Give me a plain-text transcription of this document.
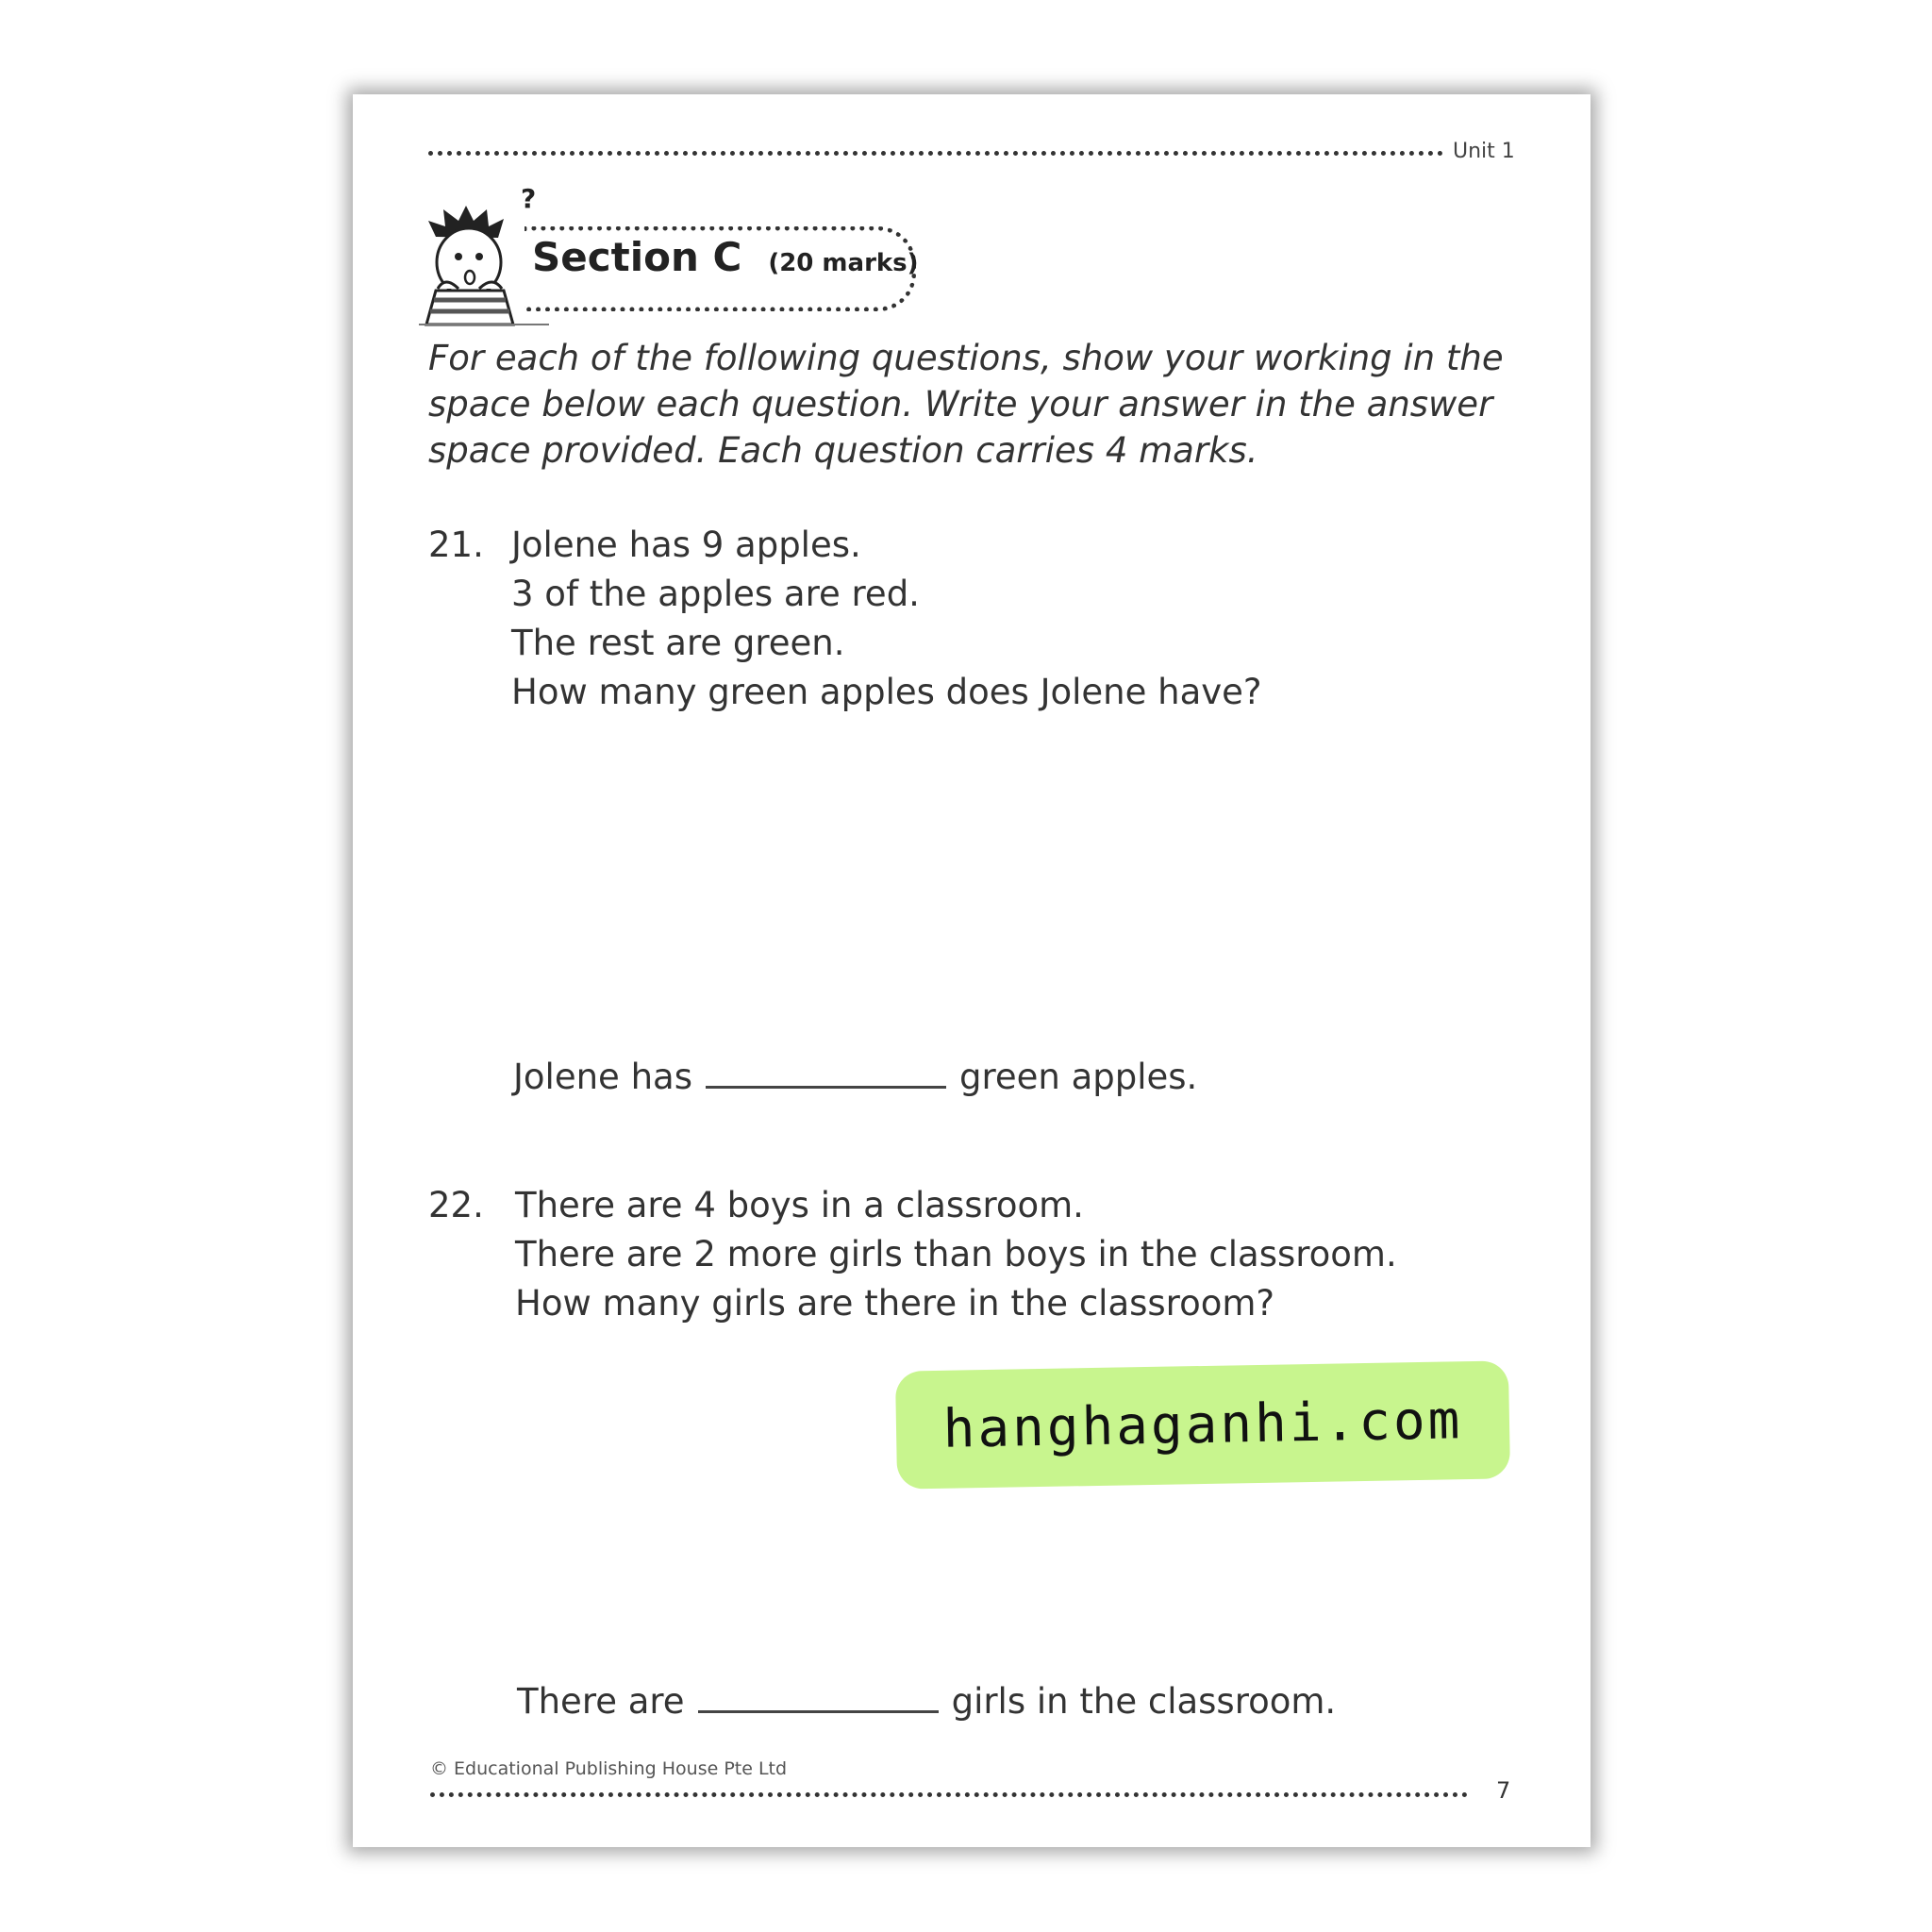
Unit 1
?
Section C (20 marks)
For each of the following questions, show your working in the space below each question. Write your answer in the answer space provided. Each question carries 4 marks.
21. Jolene has 9 apples.
3 of the apples are red.
The rest are green.
How many green apples does Jolene have?
Jolene has	green apples.
22. There are 4 boys in a classroom.
There are 2 more girls than boys in the classroom.
How many girls are there in the classroom?
There are	girls in the classroom.
© Educational Publishing House Pte Ltd
7
hanghaganhi.com
